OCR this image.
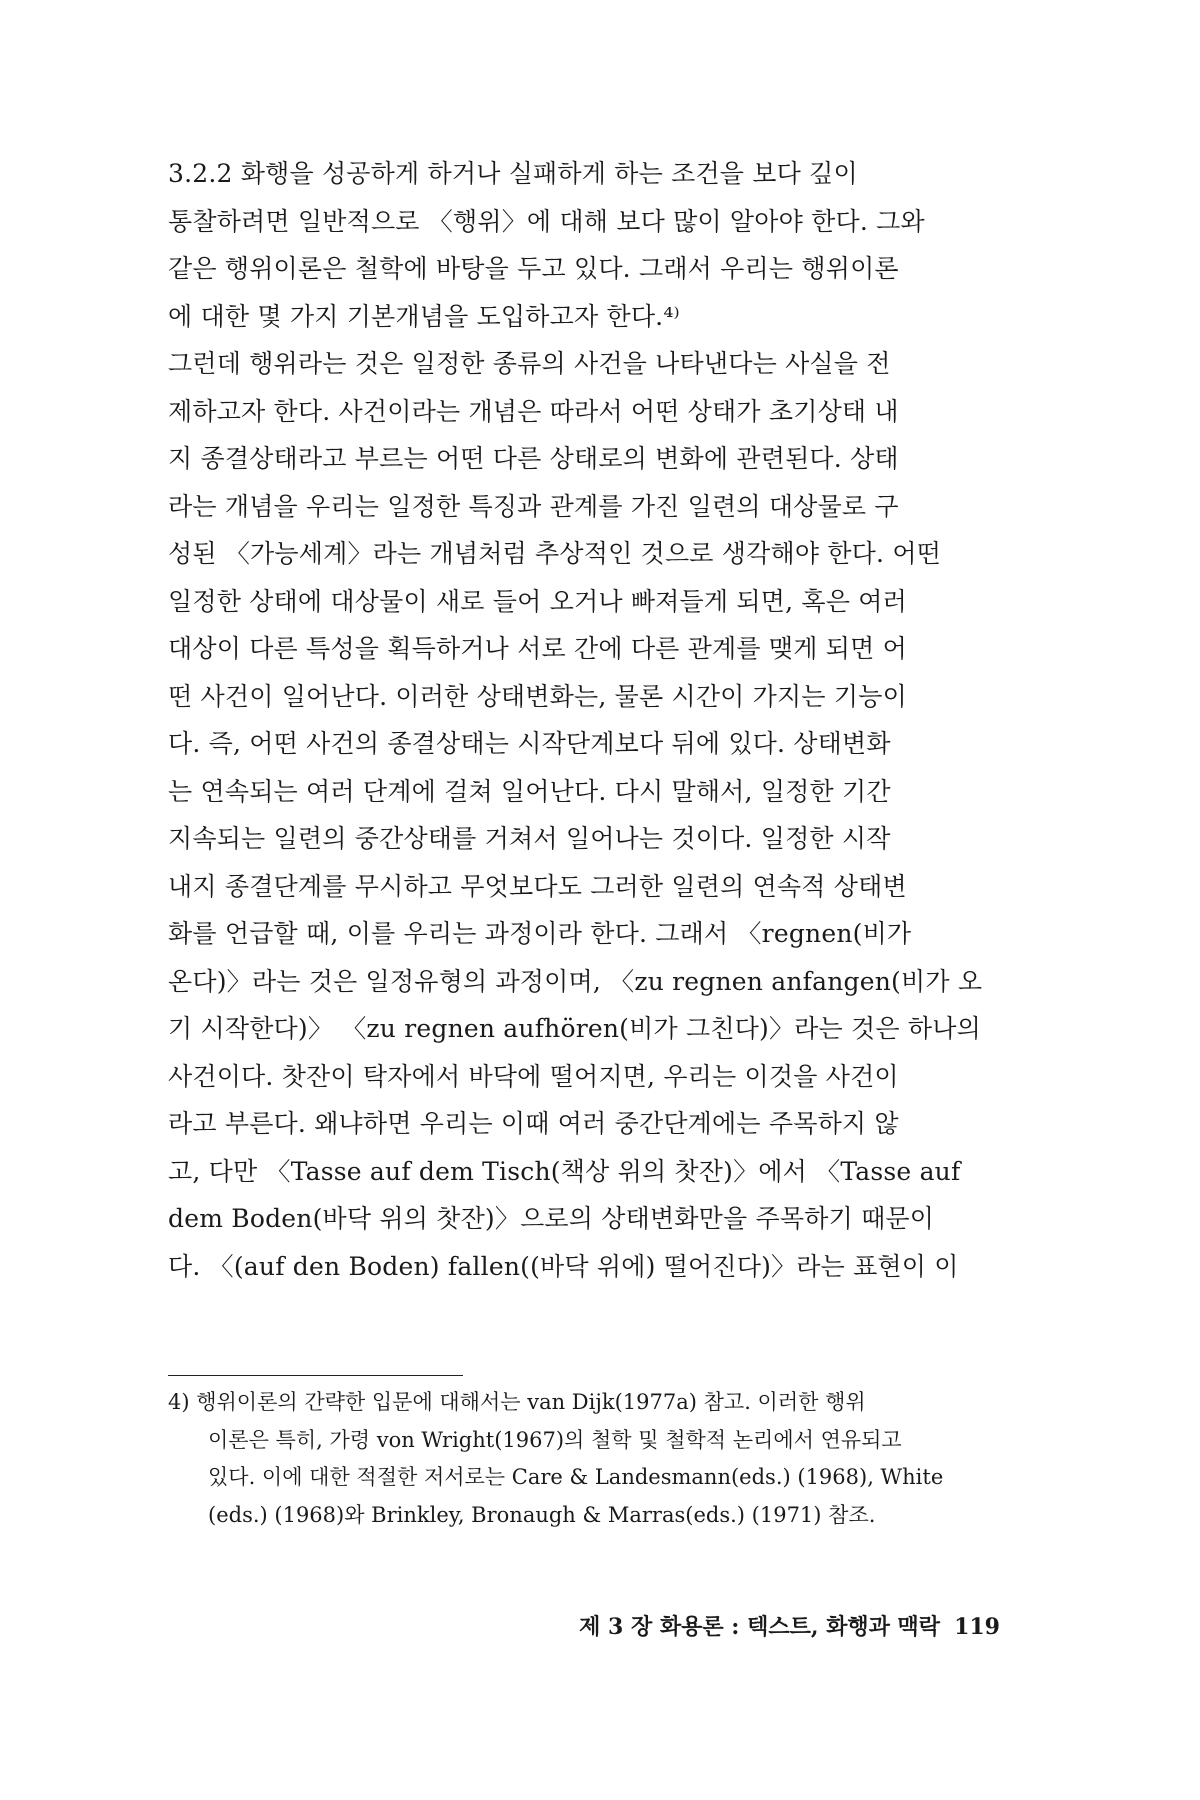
3.2.2 화행을 성공하게 하거나 실패하게 하는 조건을 보다 깊이
통찰하려면 일반적으로 〈행위〉에 대해 보다 많이 알아야 한다. 그와
같은 행위이론은 철학에 바탕을 두고 있다. 그래서 우리는 행위이론
에 대한 몇 가지 기본개념을 도입하고자 한다.⁴⁾
그런데 행위라는 것은 일정한 종류의 사건을 나타낸다는 사실을 전
제하고자 한다. 사건이라는 개념은 따라서 어떤 상태가 초기상태 내
지 종결상태라고 부르는 어떤 다른 상태로의 변화에 관련된다. 상태
라는 개념을 우리는 일정한 특징과 관계를 가진 일련의 대상물로 구
성된 〈가능세계〉라는 개념처럼 추상적인 것으로 생각해야 한다. 어떤
일정한 상태에 대상물이 새로 들어 오거나 빠져들게 되면, 혹은 여러
대상이 다른 특성을 획득하거나 서로 간에 다른 관계를 맺게 되면 어
떤 사건이 일어난다. 이러한 상태변화는, 물론 시간이 가지는 기능이
다. 즉, 어떤 사건의 종결상태는 시작단계보다 뒤에 있다. 상태변화
는 연속되는 여러 단계에 걸쳐 일어난다. 다시 말해서, 일정한 기간
지속되는 일련의 중간상태를 거쳐서 일어나는 것이다. 일정한 시작
내지 종결단계를 무시하고 무엇보다도 그러한 일련의 연속적 상태변
화를 언급할 때, 이를 우리는 과정이라 한다. 그래서 〈regnen(비가
온다)〉라는 것은 일정유형의 과정이며, 〈zu regnen anfangen(비가 오
기 시작한다)〉 〈zu regnen aufhören(비가 그친다)〉라는 것은 하나의
사건이다. 찻잔이 탁자에서 바닥에 떨어지면, 우리는 이것을 사건이
라고 부른다. 왜냐하면 우리는 이때 여러 중간단계에는 주목하지 않
고, 다만 〈Tasse auf dem Tisch(책상 위의 찻잔)〉에서 〈Tasse auf
dem Boden(바닥 위의 찻잔)〉으로의 상태변화만을 주목하기 때문이
다. 〈(auf den Boden) fallen((바닥 위에) 떨어진다)〉라는 표현이 이
4) 행위이론의 간략한 입문에 대해서는 van Dijk(1977a) 참고. 이러한 행위
이론은 특히, 가령 von Wright(1967)의 철학 및 철학적 논리에서 연유되고
있다. 이에 대한 적절한 저서로는 Care & Landesmann(eds.) (1968), White
(eds.) (1968)와 Brinkley, Bronaugh & Marras(eds.) (1971) 참조.
제 3 장 화용론 : 텍스트, 화행과 맥락 119
